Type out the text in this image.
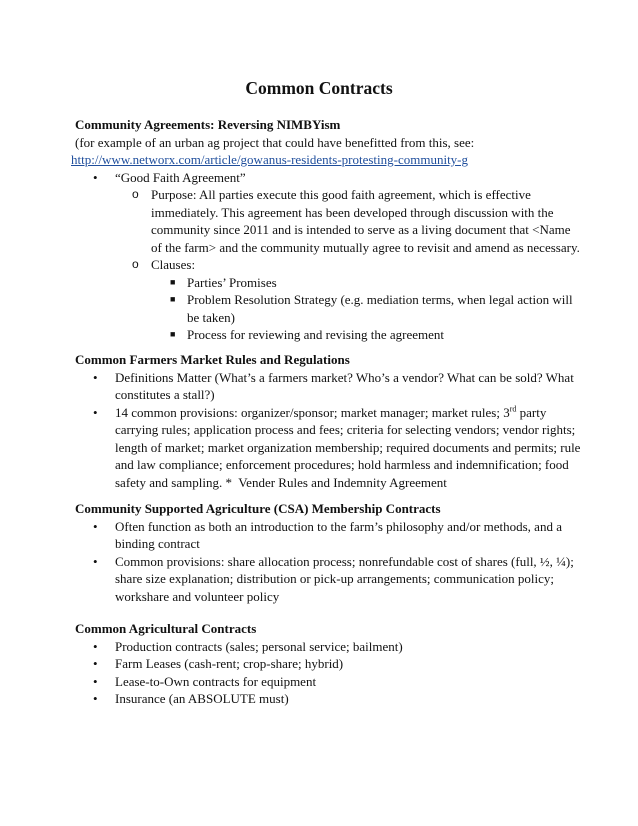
Common Contracts
Community Agreements: Reversing NIMBYism
(for example of an urban ag project that could have benefitted from this, see:
http://www.networx.com/article/gowanus-residents-protesting-community-g
• “Good Faith Agreement”
o Purpose: All parties execute this good faith agreement, which is effective
immediately. This agreement has been developed through discussion with the
community since 2011 and is intended to serve as a living document that <Name
of the farm> and the community mutually agree to revisit and amend as necessary.
o Clauses:
■ Parties’ Promises
■ Problem Resolution Strategy (e.g. mediation terms, when legal action will
be taken)
■ Process for reviewing and revising the agreement
Common Farmers Market Rules and Regulations
• Definitions Matter (What’s a farmers market? Who’s a vendor? What can be sold? What
constitutes a stall?)
• 14 common provisions: organizer/sponsor; market manager; market rules; 3rd party
carrying rules; application process and fees; criteria for selecting vendors; vendor rights;
length of market; market organization membership; required documents and permits; rule
and law compliance; enforcement procedures; hold harmless and indemnification; food
safety and sampling. *  Vender Rules and Indemnity Agreement
Community Supported Agriculture (CSA) Membership Contracts
• Often function as both an introduction to the farm’s philosophy and/or methods, and a
binding contract
• Common provisions: share allocation process; nonrefundable cost of shares (full, ½, ¼);
share size explanation; distribution or pick-up arrangements; communication policy;
workshare and volunteer policy
Common Agricultural Contracts
• Production contracts (sales; personal service; bailment)
• Farm Leases (cash-rent; crop-share; hybrid)
• Lease-to-Own contracts for equipment
• Insurance (an ABSOLUTE must)
